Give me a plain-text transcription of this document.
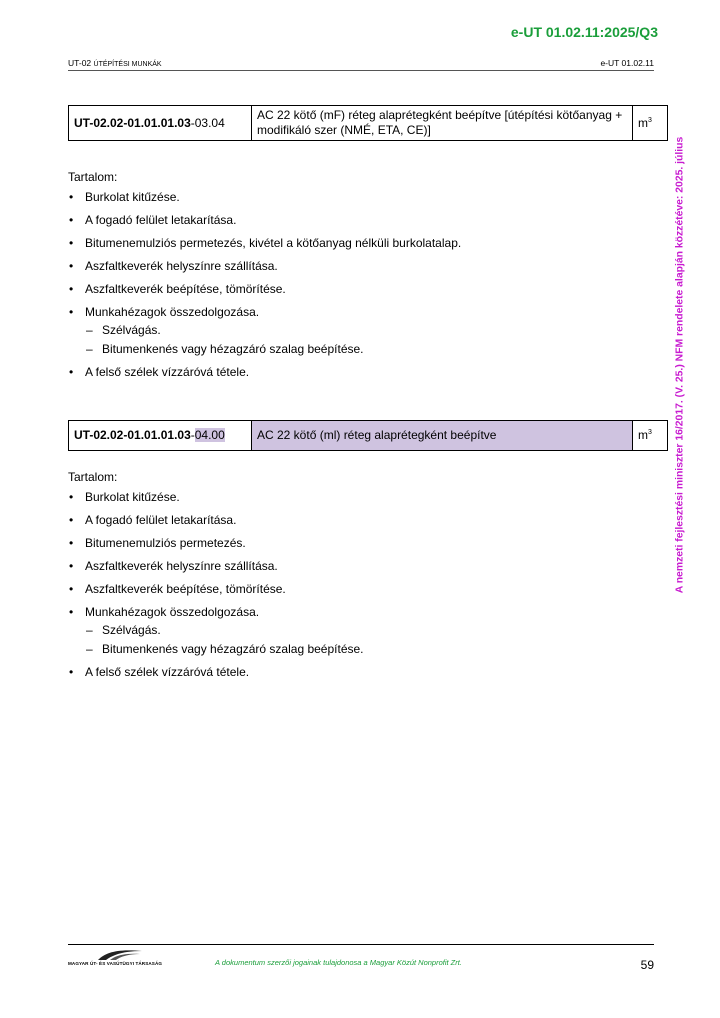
e-UT 01.02.11:2025/Q3
UT-02 ÚTÉPÍTÉSI MUNKÁK	e-UT 01.02.11
A nemzeti fejlesztési miniszter 16/2017. (V. 25.) NFM rendelete alapján közzétéve: 2025. július
UT-02.02-01.01.01.03-03.04	AC 22 kötő (mF) réteg alaprétegként beépítve [útépítési kötőanyag + modifikáló szer (NMÉ, ETA, CE)]	$m^3$
Tartalom:
• Burkolat kitűzése.
• A fogadó felület letakarítása.
• Bitumenemulziós permetezés, kivétel a kötőanyag nélküli burkolatalap.
• Aszfaltkeverék helyszínre szállítása.
• Aszfaltkeverék beépítése, tömörítése.
• Munkahézagok összedolgozása.
– Szélvágás.
– Bitumenkenés vagy hézagzáró szalag beépítése.
• A felső szélek vízzáróvá tétele.
UT-02.02-01.01.01.03-04.00	AC 22 kötő (ml) réteg alaprétegként beépítve	$m^3$
Tartalom:
• Burkolat kitűzése.
• A fogadó felület letakarítása.
• Bitumenemulziós permetezés.
• Aszfaltkeverék helyszínre szállítása.
• Aszfaltkeverék beépítése, tömörítése.
• Munkahézagok összedolgozása.
– Szélvágás.
– Bitumenkenés vagy hézagzáró szalag beépítése.
• A felső szélek vízzáróvá tétele.
MAGYAR ÚT- ÉS VASÚTÜGYI TÁRSASÁG	A dokumentum szerzői jogainak tulajdonosa a Magyar Közút Nonprofit Zrt.	59
